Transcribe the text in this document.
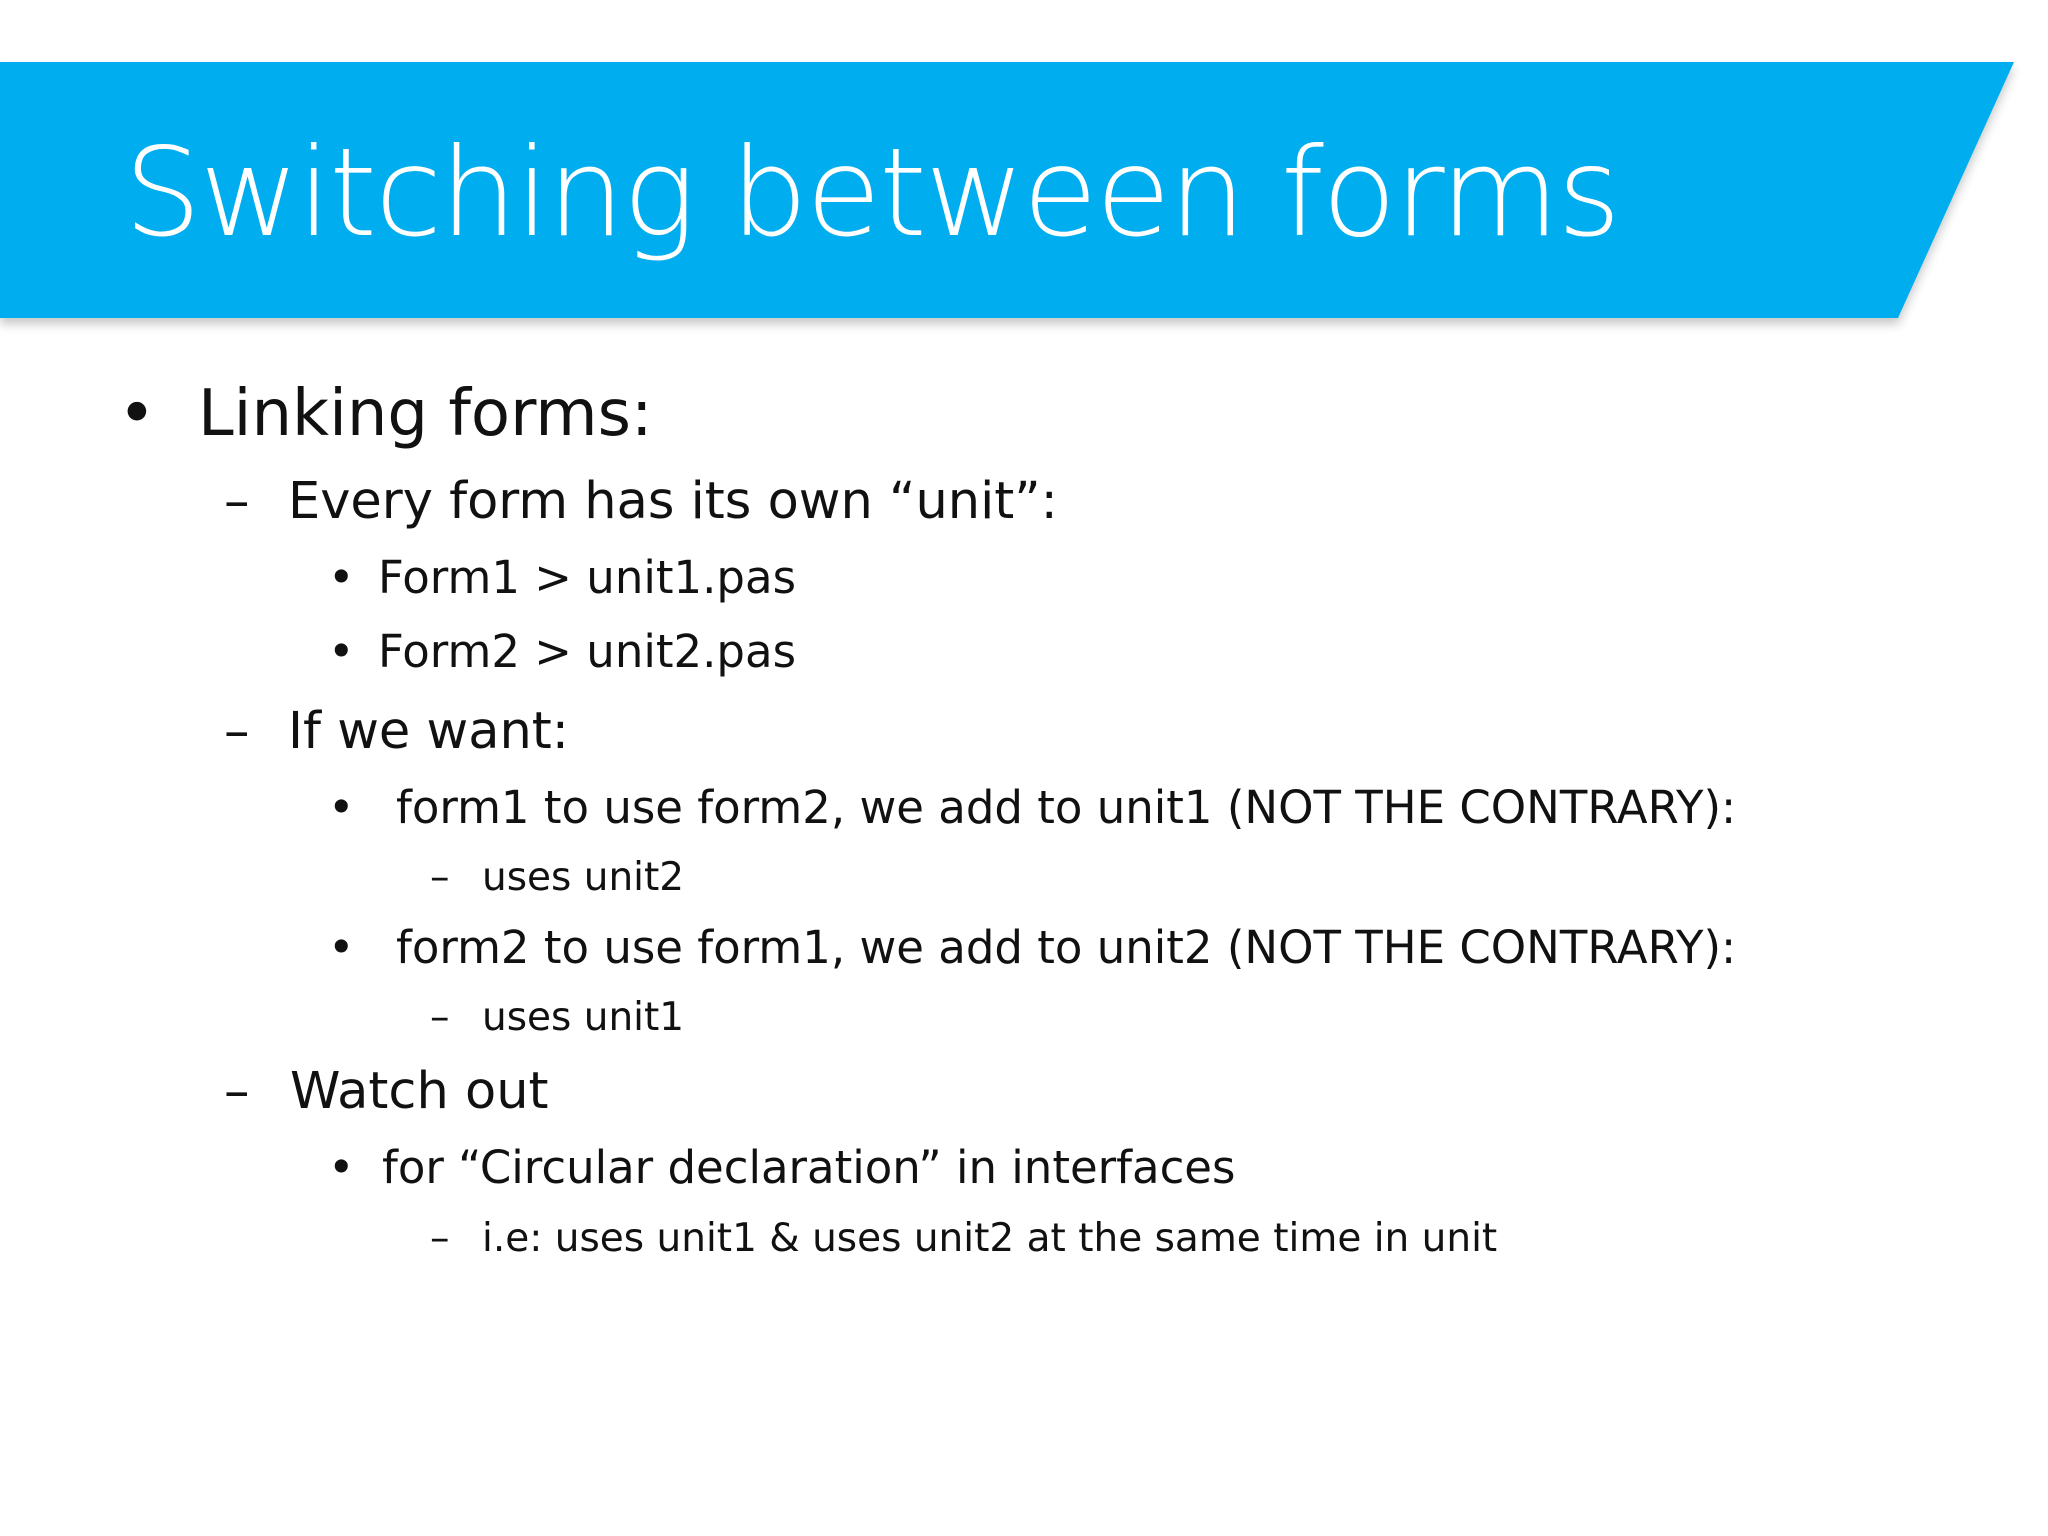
Switching between forms
• Linking forms:
– Every form has its own “unit”:
• Form1 > unit1.pas
• Form2 > unit2.pas
– If we want:
• form1 to use form2, we add to unit1 (NOT THE CONTRARY):
– uses unit2
• form2 to use form1, we add to unit2 (NOT THE CONTRARY):
– uses unit1
– Watch out
• for “Circular declaration” in interfaces
– i.e: uses unit1 & uses unit2 at the same time in unit
